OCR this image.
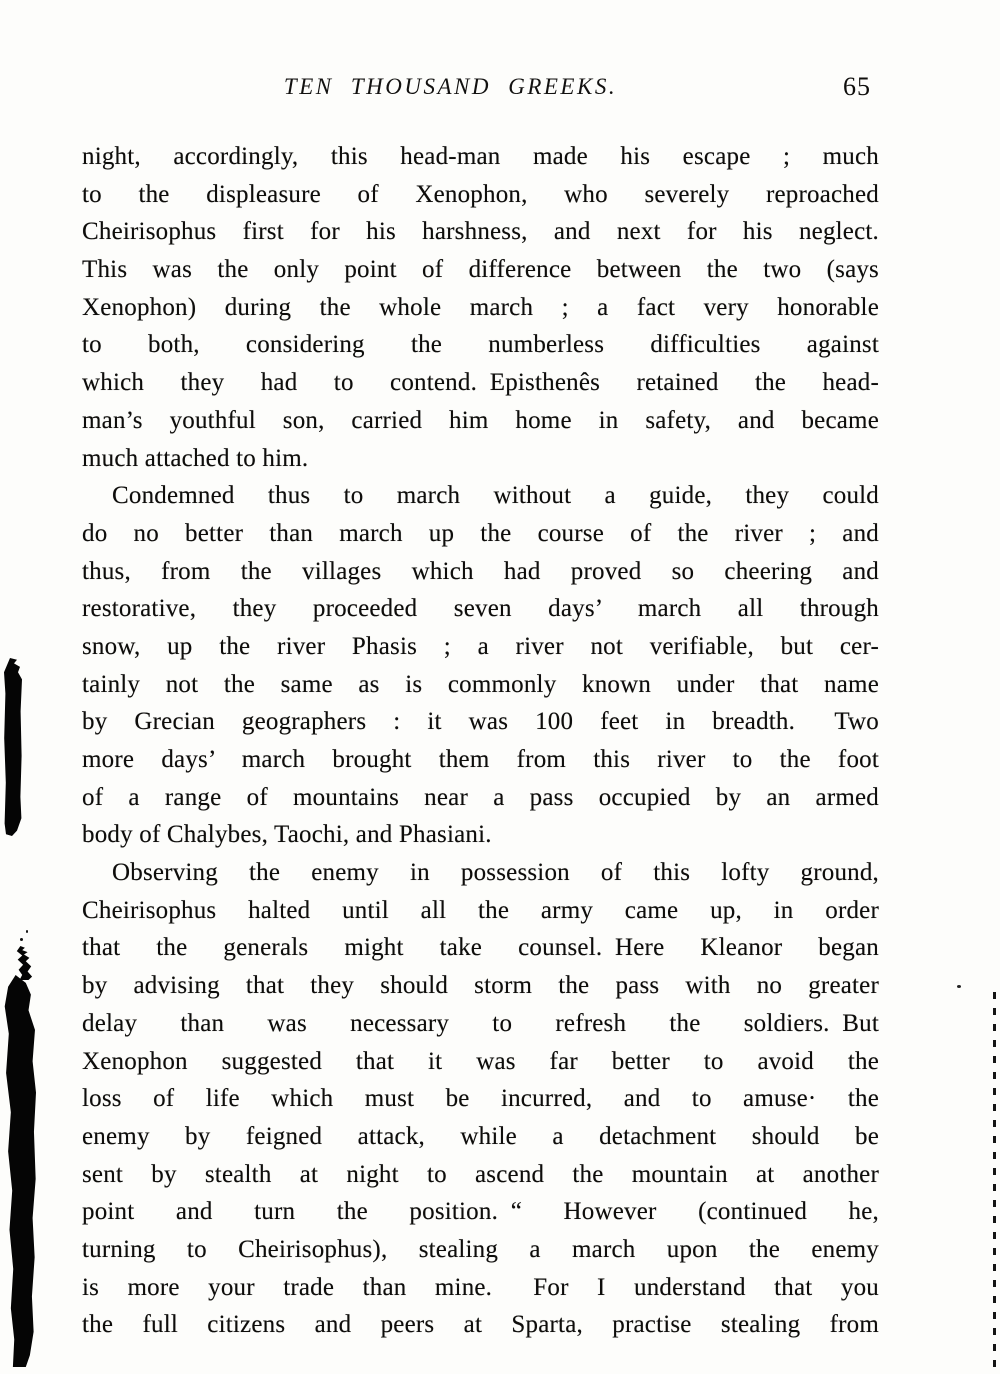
TEN THOUSAND GREEKS.	65

night, accordingly, this head-man made his escape ; much
to the displeasure of Xenophon, who severely reproached
Cheirisophus first for his harshness, and next for his neglect.
This was the only point of difference between the two (says
Xenophon) during the whole march ; a fact very honorable
to both, considering the numberless difficulties against
which they had to contend. Episthenês retained the head-
man’s youthful son, carried him home in safety, and became
much attached to him.

Condemned thus to march without a guide, they could
do no better than march up the course of the river ; and
thus, from the villages which had proved so cheering and
restorative, they proceeded seven days’ march all through
snow, up the river Phasis ; a river not verifiable, but cer-
tainly not the same as is commonly known under that name
by Grecian geographers : it was 100 feet in breadth.  Two
more days’ march brought them from this river to the foot
of a range of mountains near a pass occupied by an armed
body of Chalybes, Taochi, and Phasiani.

Observing the enemy in possession of this lofty ground,
Cheirisophus halted until all the army came up, in order
that the generals might take counsel. Here Kleanor began
by advising that they should storm the pass with no greater
delay than was necessary to refresh the soldiers. But
Xenophon suggested that it was far better to avoid the
loss of life which must be incurred, and to amuse· the
enemy by feigned attack, while a detachment should be
sent by stealth at night to ascend the mountain at another
point and turn the position. “ However (continued he,
turning to Cheirisophus), stealing a march upon the enemy
is more your trade than mine.  For I understand that you
the full citizens and peers at Sparta, practise stealing from
